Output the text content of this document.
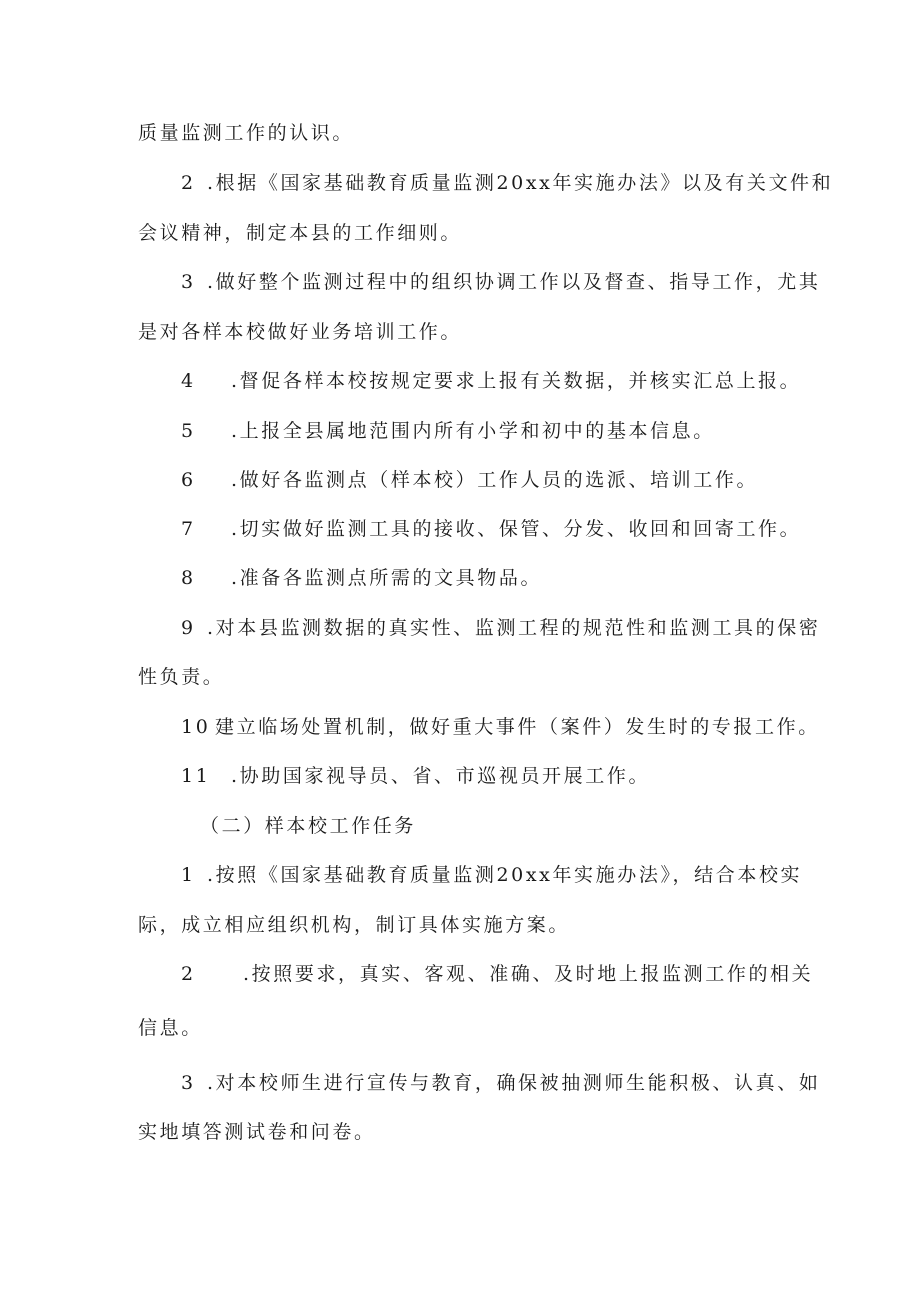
质量监测工作的认识。
2 .根据《国家基础教育质量监测20xx年实施办法》以及有关文件和
会议精神，制定本县的工作细则。
3 .做好整个监测过程中的组织协调工作以及督查、指导工作，尤其
是对各样本校做好业务培训工作。
4 .督促各样本校按规定要求上报有关数据，并核实汇总上报。
5 .上报全县属地范围内所有小学和初中的基本信息。
6 .做好各监测点（样本校）工作人员的选派、培训工作。
7 .切实做好监测工具的接收、保管、分发、收回和回寄工作。
8 .准备各监测点所需的文具物品。
9 .对本县监测数据的真实性、监测工程的规范性和监测工具的保密
性负责。
10 建立临场处置机制，做好重大事件（案件）发生时的专报工作。
11 .协助国家视导员、省、市巡视员开展工作。
（二）样本校工作任务
1 .按照《国家基础教育质量监测20xx年实施办法》，结合本校实
际，成立相应组织机构，制订具体实施方案。
2 .按照要求，真实、客观、准确、及时地上报监测工作的相关
信息。
3 .对本校师生进行宣传与教育，确保被抽测师生能积极、认真、如
实地填答测试卷和问卷。
